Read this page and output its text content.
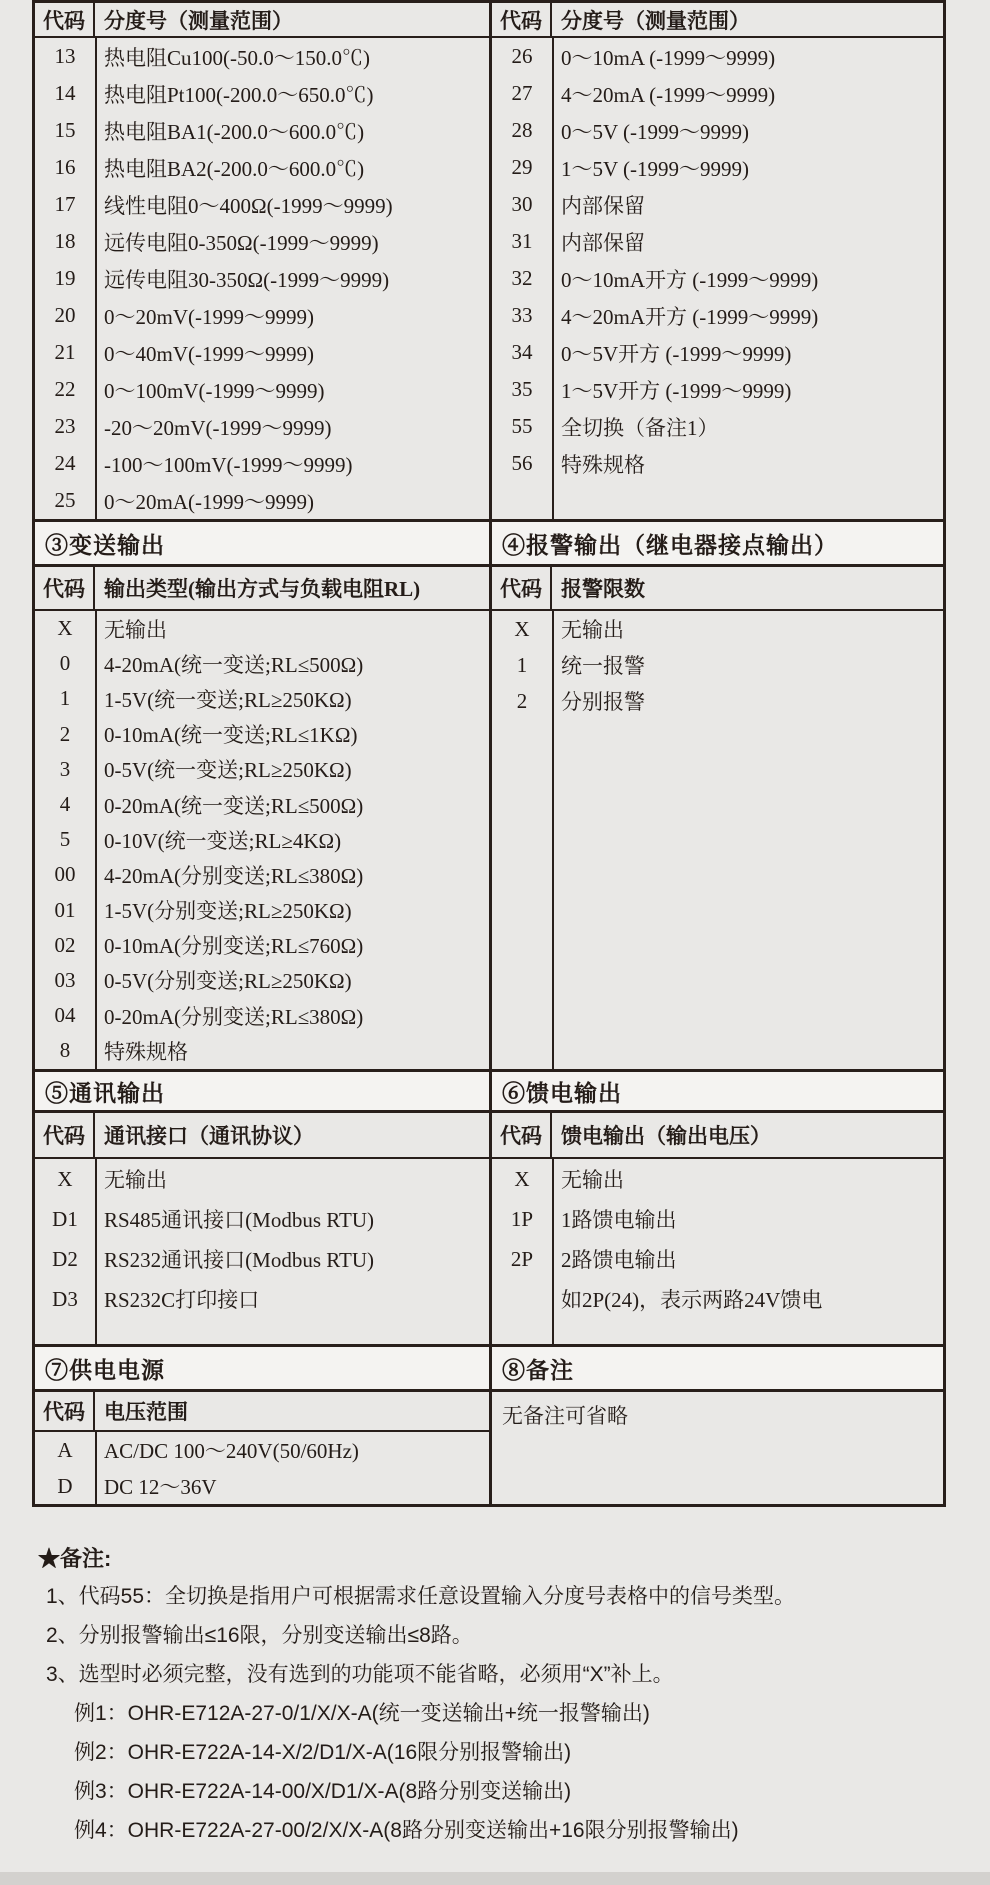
代码 分度号（测量范围）
13	热电阻Cu100(-50.0～150.0℃)
14	热电阻Pt100(-200.0～650.0℃)
15	热电阻BA1(-200.0～600.0℃)
16	热电阻BA2(-200.0～600.0℃)
17	线性电阻0～400Ω(-1999～9999)
18	远传电阻0-350Ω(-1999～9999)
19	远传电阻30-350Ω(-1999～9999)
20	0～20mV(-1999～9999)
21	0～40mV(-1999～9999)
22	0～100mV(-1999～9999)
23	-20～20mV(-1999～9999)
24	-100～100mV(-1999～9999)
25	0～20mA(-1999～9999)
代码 分度号（测量范围）
26	0～10mA (-1999～9999)
27	4～20mA (-1999～9999)
28	0～5V (-1999～9999)
29	1～5V (-1999～9999)
30	内部保留
31	内部保留
32	0～10mA开方 (-1999～9999)
33	4～20mA开方 (-1999～9999)
34	0～5V开方 (-1999～9999)
35	1～5V开方 (-1999～9999)
55	全切换（备注1）
56	特殊规格
③变送输出
代码 输出类型(输出方式与负载电阻RL)
X	无输出
0	4-20mA(统一变送;RL≤500Ω)
1	1-5V(统一变送;RL≥250KΩ)
2	0-10mA(统一变送;RL≤1KΩ)
3	0-5V(统一变送;RL≥250KΩ)
4	0-20mA(统一变送;RL≤500Ω)
5	0-10V(统一变送;RL≥4KΩ)
00	4-20mA(分别变送;RL≤380Ω)
01	1-5V(分别变送;RL≥250KΩ)
02	0-10mA(分别变送;RL≤760Ω)
03	0-5V(分别变送;RL≥250KΩ)
04	0-20mA(分别变送;RL≤380Ω)
8	特殊规格
④报警输出（继电器接点输出）
代码 报警限数
X	无输出
1	统一报警
2	分别报警
⑤通讯输出
代码 通讯接口（通讯协议）
X	无输出
D1	RS485通讯接口(Modbus RTU)
D2	RS232通讯接口(Modbus RTU)
D3	RS232C打印接口
⑥馈电输出
代码 馈电输出（输出电压）
X	无输出
1P	1路馈电输出
2P	2路馈电输出
如2P(24)，表示两路24V馈电
⑦供电电源
代码 电压范围
A	AC/DC 100～240V(50/60Hz)
D	DC 12～36V
⑧备注
无备注可省略
★备注:
1、代码55：全切换是指用户可根据需求任意设置输入分度号表格中的信号类型。
2、分别报警输出≤16限，分别变送输出≤8路。
3、选型时必须完整，没有选到的功能项不能省略，必须用“X”补上。
例1：OHR-E712A-27-0/1/X/X-A(统一变送输出+统一报警输出)
例2：OHR-E722A-14-X/2/D1/X-A(16限分别报警输出)
例3：OHR-E722A-14-00/X/D1/X-A(8路分别变送输出)
例4：OHR-E722A-27-00/2/X/X-A(8路分别变送输出+16限分别报警输出)
